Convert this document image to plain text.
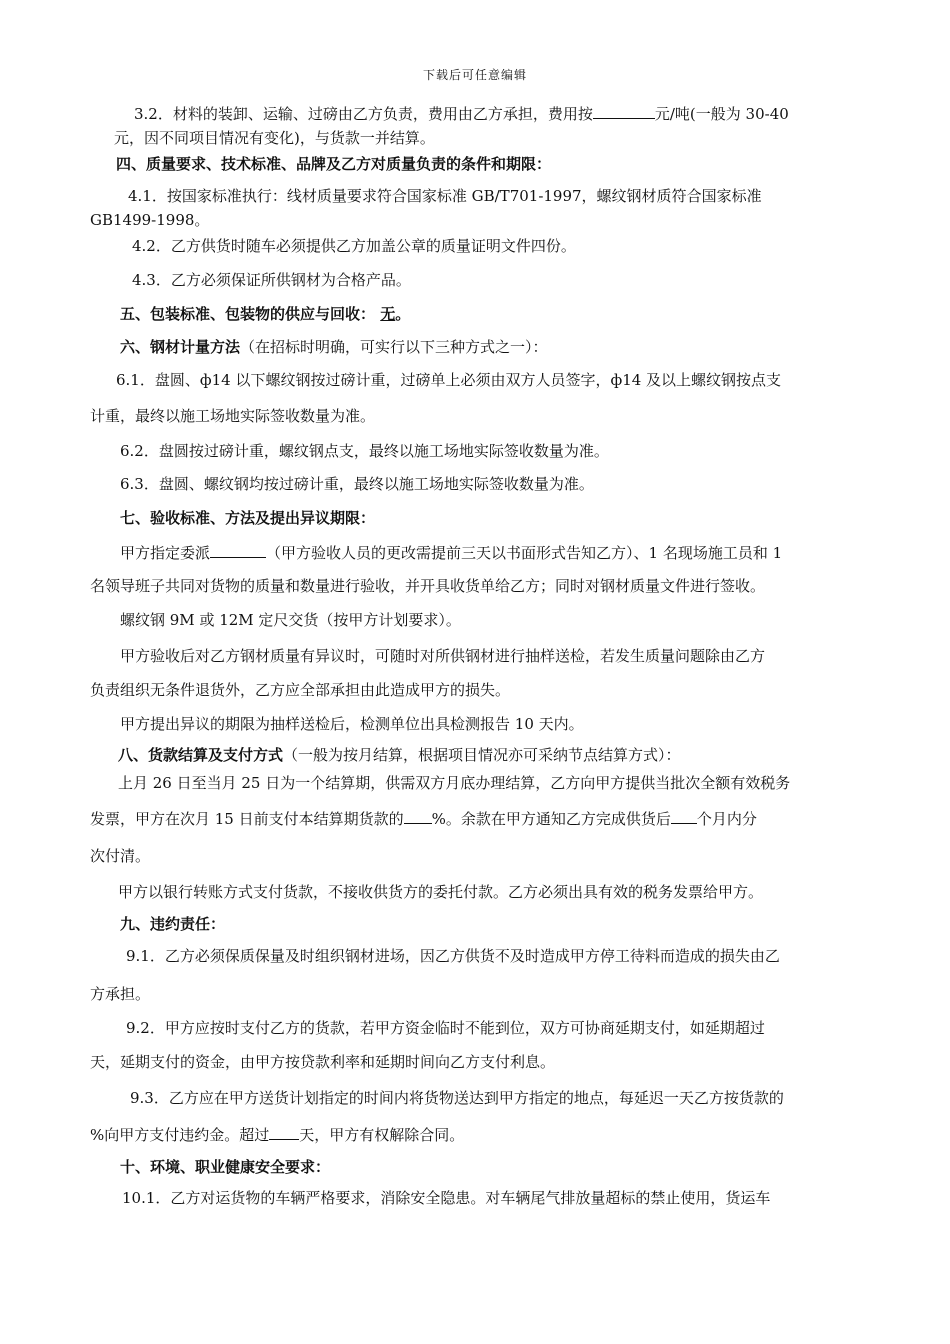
下载后可任意编辑
3.2．材料的装卸、运输、过磅由乙方负责，费用由乙方承担，费用按	元/吨(一般为 30-40
元，因不同项目情况有变化)，与货款一并结算。
四、质量要求、技术标准、品牌及乙方对质量负责的条件和期限：
4.1．按国家标准执行：线材质量要求符合国家标准 GB/T701-1997，螺纹钢材质符合国家标准
GB1499-1998。
4.2．乙方供货时随车必须提供乙方加盖公章的质量证明文件四份。
4.3．乙方必须保证所供钢材为合格产品。
五、包装标准、包装物的供应与回收： 无。
六、钢材计量方法（在招标时明确，可实行以下三种方式之一）：
6.1．盘圆、ф14 以下螺纹钢按过磅计重，过磅单上必须由双方人员签字，ф14 及以上螺纹钢按点支
计重，最终以施工场地实际签收数量为准。
6.2．盘圆按过磅计重，螺纹钢点支，最终以施工场地实际签收数量为准。
6.3．盘圆、螺纹钢均按过磅计重，最终以施工场地实际签收数量为准。
七、验收标准、方法及提出异议期限：
甲方指定委派	（甲方验收人员的更改需提前三天以书面形式告知乙方）、1 名现场施工员和 1
名领导班子共同对货物的质量和数量进行验收，并开具收货单给乙方；同时对钢材质量文件进行签收。
螺纹钢 9M 或 12M 定尺交货（按甲方计划要求）。
甲方验收后对乙方钢材质量有异议时，可随时对所供钢材进行抽样送检，若发生质量问题除由乙方
负责组织无条件退货外，乙方应全部承担由此造成甲方的损失。
甲方提出异议的期限为抽样送检后，检测单位出具检测报告 10 天内。
八、货款结算及支付方式（一般为按月结算，根据项目情况亦可采纳节点结算方式）：
上月 26 日至当月 25 日为一个结算期，供需双方月底办理结算，乙方向甲方提供当批次全额有效税务
发票，甲方在次月 15 日前支付本结算期货款的 %。余款在甲方通知乙方完成供货后 个月内分
次付清。
甲方以银行转账方式支付货款，不接收供货方的委托付款。乙方必须出具有效的税务发票给甲方。
九、违约责任：
9.1．乙方必须保质保量及时组织钢材进场，因乙方供货不及时造成甲方停工待料而造成的损失由乙
方承担。
9.2．甲方应按时支付乙方的货款，若甲方资金临时不能到位，双方可协商延期支付，如延期超过
天，延期支付的资金，由甲方按贷款利率和延期时间向乙方支付利息。
9.3．乙方应在甲方送货计划指定的时间内将货物送达到甲方指定的地点，每延迟一天乙方按货款的
%向甲方支付违约金。超过 天，甲方有权解除合同。
十、环境、职业健康安全要求：
10.1．乙方对运货物的车辆严格要求，消除安全隐患。对车辆尾气排放量超标的禁止使用，货运车
